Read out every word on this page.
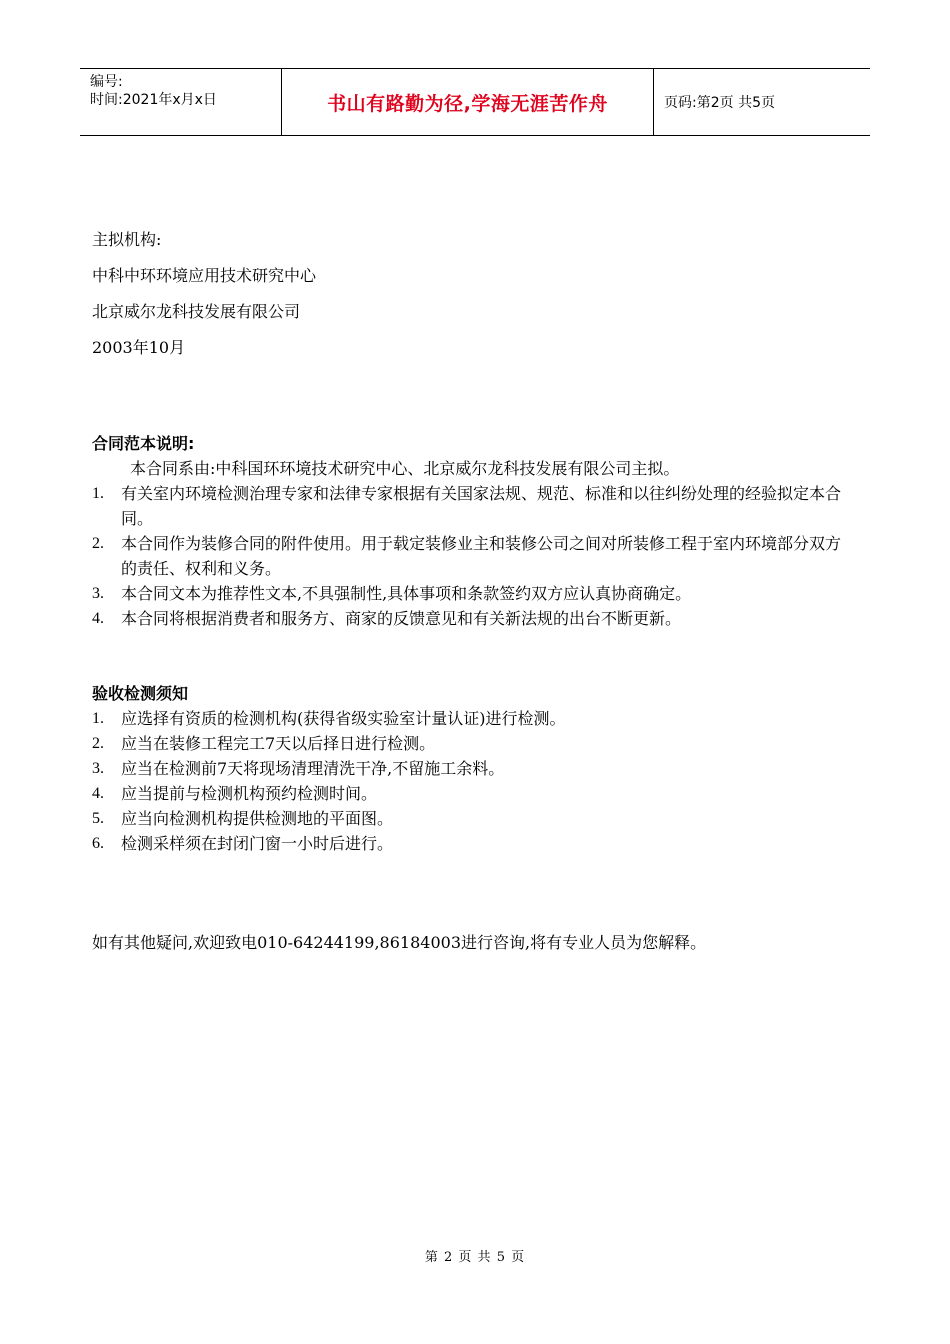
编号:
时间:2021年x月x日	书山有路勤为径,学海无涯苦作舟	页码:第2页 共5页
主拟机构:
中科中环环境应用技术研究中心
北京威尔龙科技发展有限公司
2003年10月
合同范本说明:
本合同系由:中科国环环境技术研究中心、北京威尔龙科技发展有限公司主拟。
1.	有关室内环境检测治理专家和法律专家根据有关国家法规、规范、标准和以往纠纷处理的经验拟定本合同。
2.	本合同作为装修合同的附件使用。用于载定装修业主和装修公司之间对所装修工程于室内环境部分双方的责任、权利和义务。
3.	本合同文本为推荐性文本,不具强制性,具体事项和条款签约双方应认真协商确定。
4.	本合同将根据消费者和服务方、商家的反馈意见和有关新法规的出台不断更新。
验收检测须知
1.	应选择有资质的检测机构(获得省级实验室计量认证)进行检测。
2.	应当在装修工程完工7天以后择日进行检测。
3.	应当在检测前7天将现场清理清洗干净,不留施工余料。
4.	应当提前与检测机构预约检测时间。
5.	应当向检测机构提供检测地的平面图。
6.	检测采样须在封闭门窗一小时后进行。
如有其他疑问,欢迎致电010-64244199,86184003进行咨询,将有专业人员为您解释。
第 2 页 共 5 页
